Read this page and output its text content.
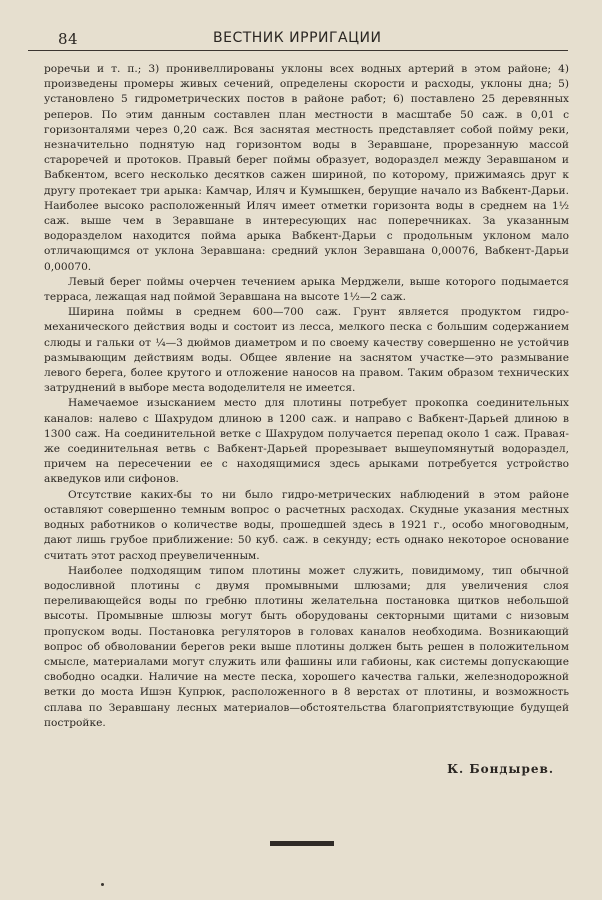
84	ВЕСТНИК ИРРИГАЦИИ

роречьи и т. п.; 3) пронивеллированы уклоны всех водных артерий в этом районе; 4) произведены промеры живых сечений, определены скорости и расходы, уклоны дна; 5) установлено 5 гидрометрических постов в районе работ; 6) поставлено 25 деревянных реперов. По этим данным составлен план местности в масштабе 50 саж. в 0,01 с горизонталями через 0,20 саж. Вся заснятая местность представляет собой пойму реки, незначительно поднятую над горизонтом воды в Зеравшане, прорезанную массой староречей и протоков. Правый берег поймы образует, водораздел между Зеравшаном и Вабкентом, всего несколько десятков сажен шириной, по которому, прижимаясь друг к другу протекает три арыка: Камчар, Иляч и Кумышкен, берущие начало из Вабкент-Дарьи. Наиболее высоко расположенный Иляч имеет отметки горизонта воды в среднем на 1½ саж. выше чем в Зеравшане в интересующих нас поперечниках. За указанным водоразделом находится пойма арыка Вабкент-Дарьи с продольным уклоном мало отличающимся от уклона Зеравшана: средний уклон Зеравшана 0,00076, Вабкент-Дарьи 0,00070.

Левый берег поймы очерчен течением арыка Мерджели, выше которого подымается терраса, лежащая над поймой Зеравшана на высоте 1½—2 саж.

Ширина поймы в среднем 600—700 саж. Грунт является продуктом гидро-механического действия воды и состоит из лесса, мелкого песка с большим содержанием слюды и гальки от ¼—3 дюймов диаметром и по своему качеству совершенно не устойчив размывающим действиям воды. Общее явление на заснятом участке—это размывание левого берега, более крутого и отложение наносов на правом. Таким образом технических затруднений в выборе места вододелителя не имеется.

Намечаемое изысканием место для плотины потребует прокопка соединительных каналов: налево с Шахрудом длиною в 1200 саж. и направо с Вабкент-Дарьей длиною в 1300 саж. На соединительной ветке с Шахрудом получается перепад около 1 саж. Правая-же соединительная ветвь с Вабкент-Дарьей прорезывает вышеупомянутый водораздел, причем на пересечении ее с находящимися здесь арыками потребуется устройство акведуков или сифонов.

Отсутствие каких-бы то ни было гидро-метрических наблюдений в этом районе оставляют совершенно темным вопрос о расчетных расходах. Скудные указания местных водных работников о количестве воды, прошедшей здесь в 1921 г., особо многоводным, дают лишь грубое приближение: 50 куб. саж. в секунду; есть однако некоторое основание считать этот расход преувеличенным.

Наиболее подходящим типом плотины может служить, повидимому, тип обычной водосливной плотины с двумя промывными шлюзами; для увеличения слоя переливающейся воды по гребню плотины желательна постановка щитков небольшой высоты. Промывные шлюзы могут быть оборудованы секторными щитами с низовым пропуском воды. Постановка регуляторов в головах каналов необходима. Возникающий вопрос об обволовании берегов реки выше плотины должен быть решен в положительном смысле, материалами могут служить или фашины или габионы, как системы допускающие свободно осадки. Наличие на месте песка, хорошего качества гальки, железнодорожной ветки до моста Ишэн Купрюк, расположенного в 8 верстах от плотины, и возможность сплава по Зеравшану лесных материалов—обстоятельства благоприятствующие будущей постройке.

К. Бондырев.
